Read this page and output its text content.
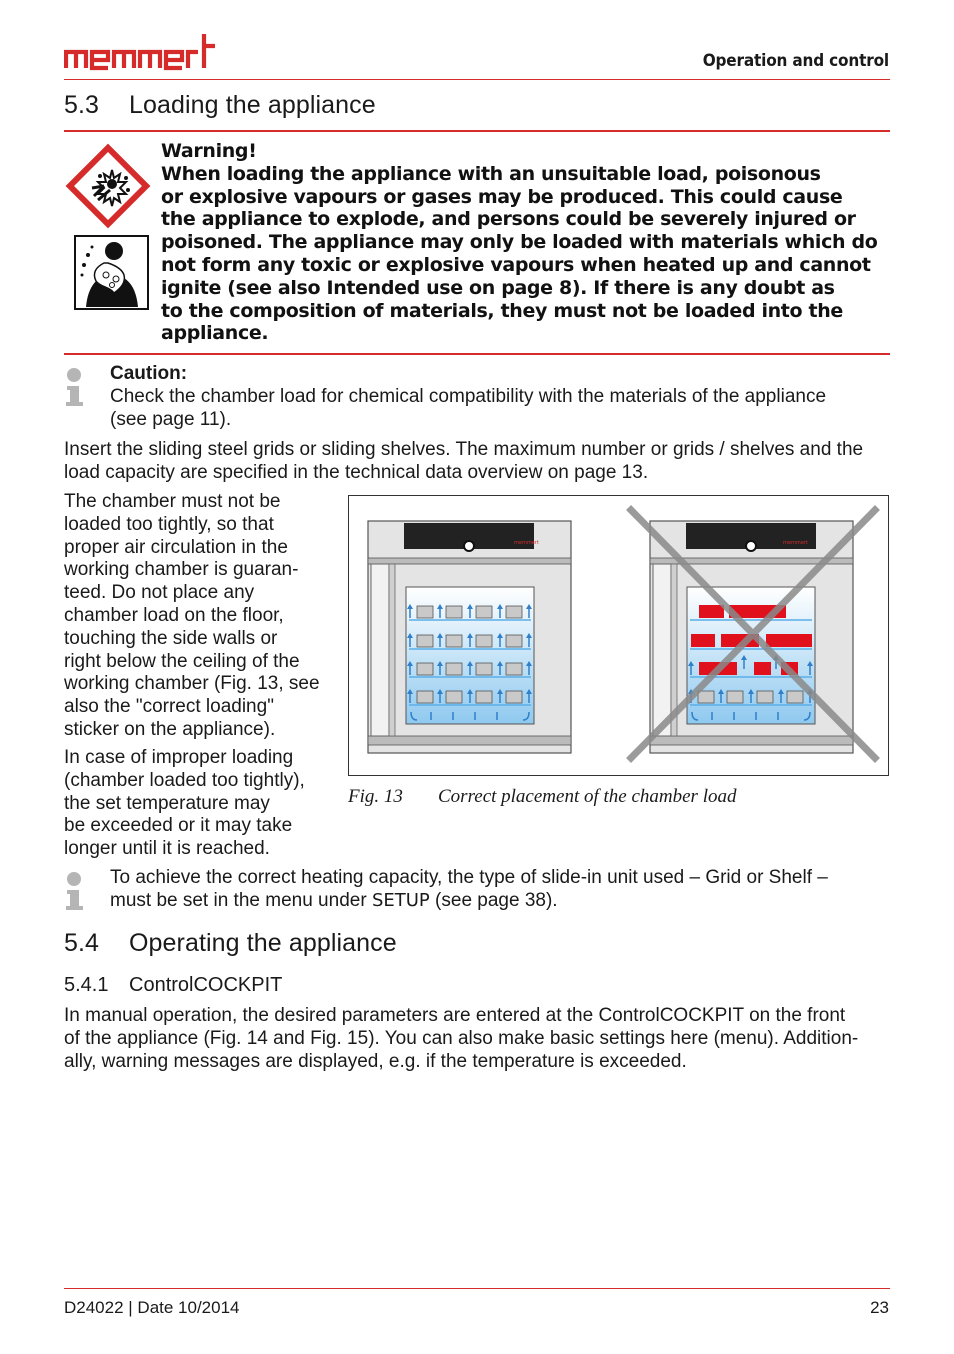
Operation and control
5.3 Loading the appliance
Warning!
When loading the appliance with an unsuitable load, poisonous
or explosive vapours or gases may be produced. This could cause
the appliance to explode, and persons could be severely injured or
poisoned. The appliance may only be loaded with materials which do
not form any toxic or explosive vapours when heated up and cannot
ignite (see also Intended use on page 8). If there is any doubt as
to the composition of materials, they must not be loaded into the
appliance.
Caution:
Check the chamber load for chemical compatibility with the materials of the appliance
(see page 11).
Insert the sliding steel grids or sliding shelves. The maximum number or grids / shelves and the
load capacity are specified in the technical data overview on page 13.
The chamber must not be
loaded too tightly, so that
proper air circulation in the
working chamber is guaran-
teed. Do not place any
chamber load on the floor,
touching the side walls or
right below the ceiling of the
working chamber (Fig. 13, see
also the "correct loading"
sticker on the appliance).
In case of improper loading
(chamber loaded too tightly),
the set temperature may
be exceeded or it may take
longer until it is reached.
memmert	memmert
Fig. 13 Correct placement of the chamber load
To achieve the correct heating capacity, the type of slide-in unit used – Grid or Shelf –
must be set in the menu under SETUP (see page 38).
5.4 Operating the appliance
5.4.1 ControlCOCKPIT
In manual operation, the desired parameters are entered at the ControlCOCKPIT on the front
of the appliance (Fig. 14 and Fig. 15). You can also make basic settings here (menu). Addition-
ally, warning messages are displayed, e.g. if the temperature is exceeded.
D24022 | Date 10/2014	23
